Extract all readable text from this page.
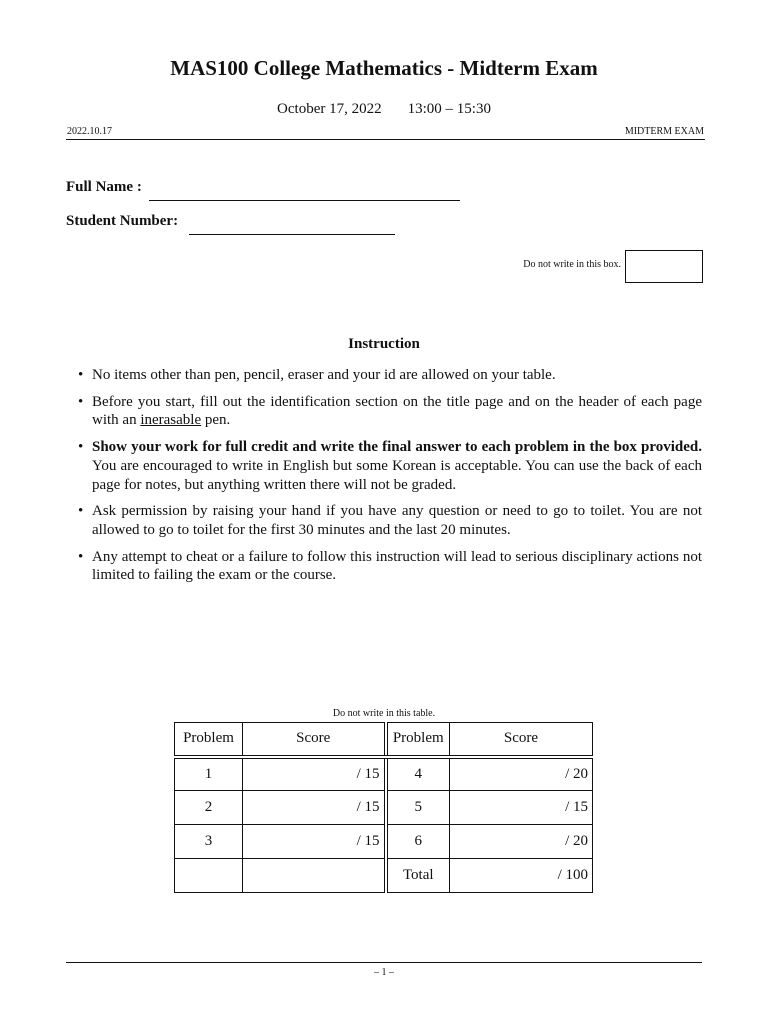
MAS100 College Mathematics - Midterm Exam
October 17, 2022 13:00 – 15:30
2022.10.17	MIDTERM EXAM
Full Name :
Student Number:
Do not write in this box.
Instruction
• No items other than pen, pencil, eraser and your id are allowed on your table.
• Before you start, fill out the identification section on the title page and on the header of each page with an inerasable pen.
• Show your work for full credit and write the final answer to each problem in the box provided. You are encouraged to write in English but some Korean is acceptable. You can use the back of each page for notes, but anything written there will not be graded.
• Ask permission by raising your hand if you have any question or need to go to toilet. You are not allowed to go to toilet for the first 30 minutes and the last 20 minutes.
• Any attempt to cheat or a failure to follow this instruction will lead to serious disciplinary actions not limited to failing the exam or the course.
Do not write in this table.
Problem	Score	Problem	Score
1	/ 15	4	/ 20
2	/ 15	5	/ 15
3	/ 15	6	/ 20
		Total	/ 100
– 1 –
